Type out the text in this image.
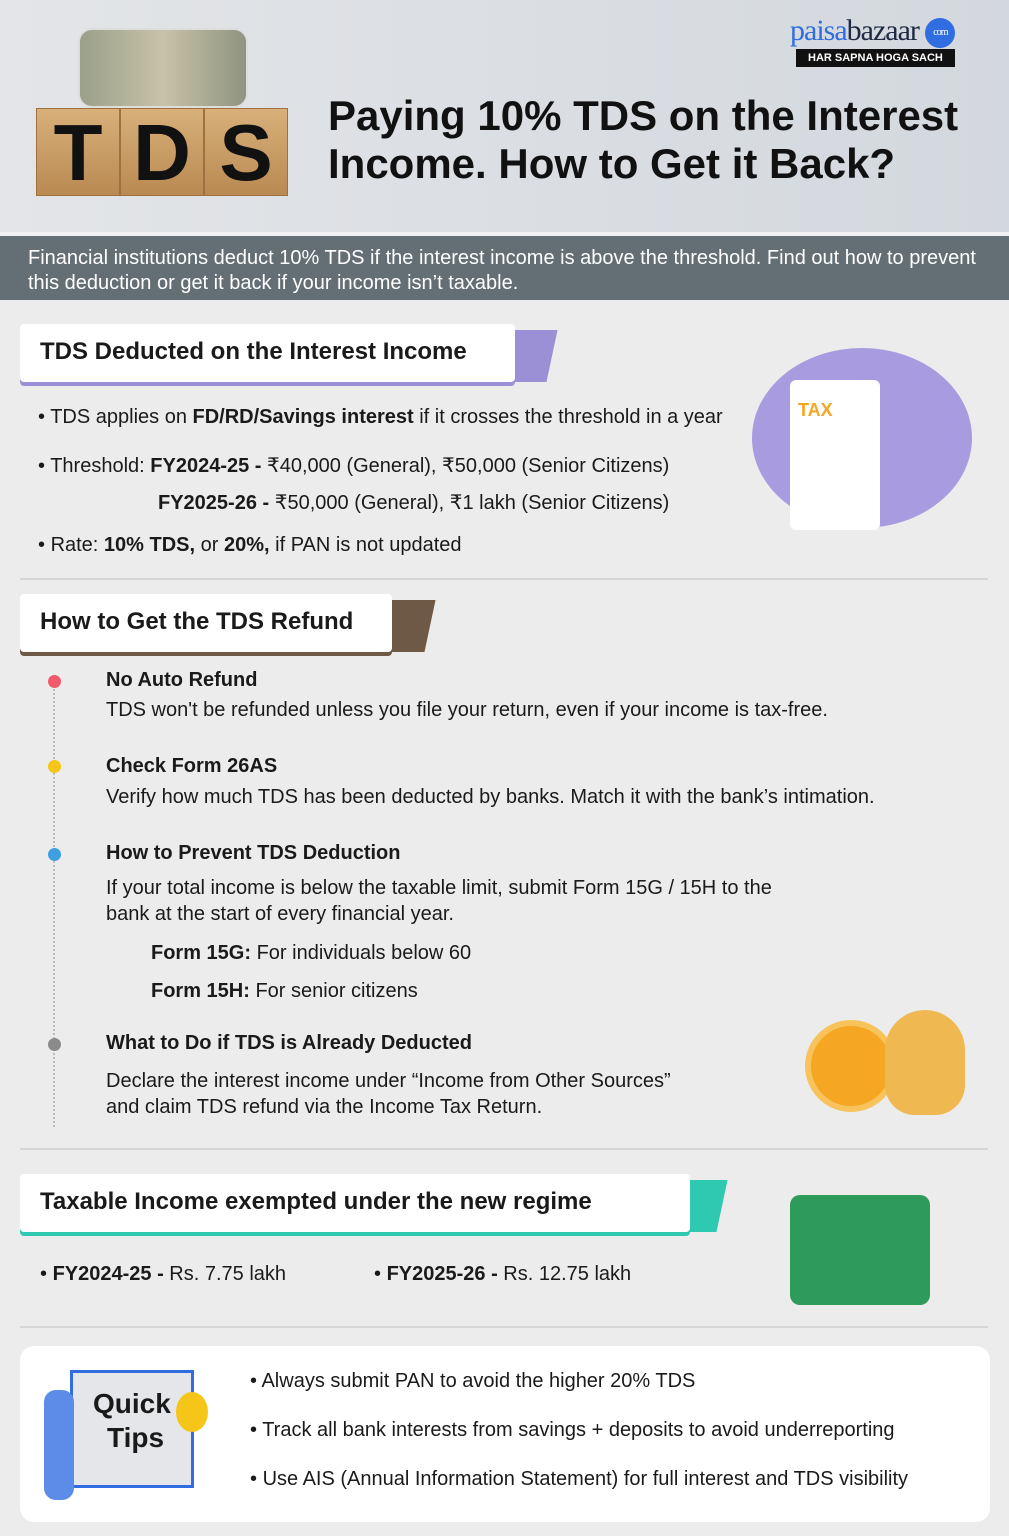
T D S
paisabazaar com
HAR SAPNA HOGA SACH
Paying 10% TDS on the Interest
Income. How to Get it Back?
Financial institutions deduct 10% TDS if the interest income is above the threshold. Find out how to prevent this deduction or get it back if your income isn’t taxable.
TDS Deducted on the Interest Income
• TDS applies on FD/RD/Savings interest if it crosses the threshold in a year
• Threshold: FY2024-25 - ₹40,000 (General), ₹50,000 (Senior Citizens)
FY2025-26 - ₹50,000 (General), ₹1 lakh (Senior Citizens)
• Rate: 10% TDS, or 20%, if PAN is not updated
TAX
How to Get the TDS Refund
No Auto Refund
TDS won't be refunded unless you file your return, even if your income is tax-free.
Check Form 26AS
Verify how much TDS has been deducted by banks. Match it with the bank’s intimation.
How to Prevent TDS Deduction
If your total income is below the taxable limit, submit Form 15G / 15H to the bank at the start of every financial year.
Form 15G: For individuals below 60
Form 15H: For senior citizens
What to Do if TDS is Already Deducted
Declare the interest income under “Income from Other Sources” and claim TDS refund via the Income Tax Return.
Taxable Income exempted under the new regime
• FY2024-25 - Rs. 7.75 lakh	• FY2025-26 - Rs. 12.75 lakh
Quick
Tips
• Always submit PAN to avoid the higher 20% TDS
• Track all bank interests from savings + deposits to avoid underreporting
• Use AIS (Annual Information Statement) for full interest and TDS visibility
